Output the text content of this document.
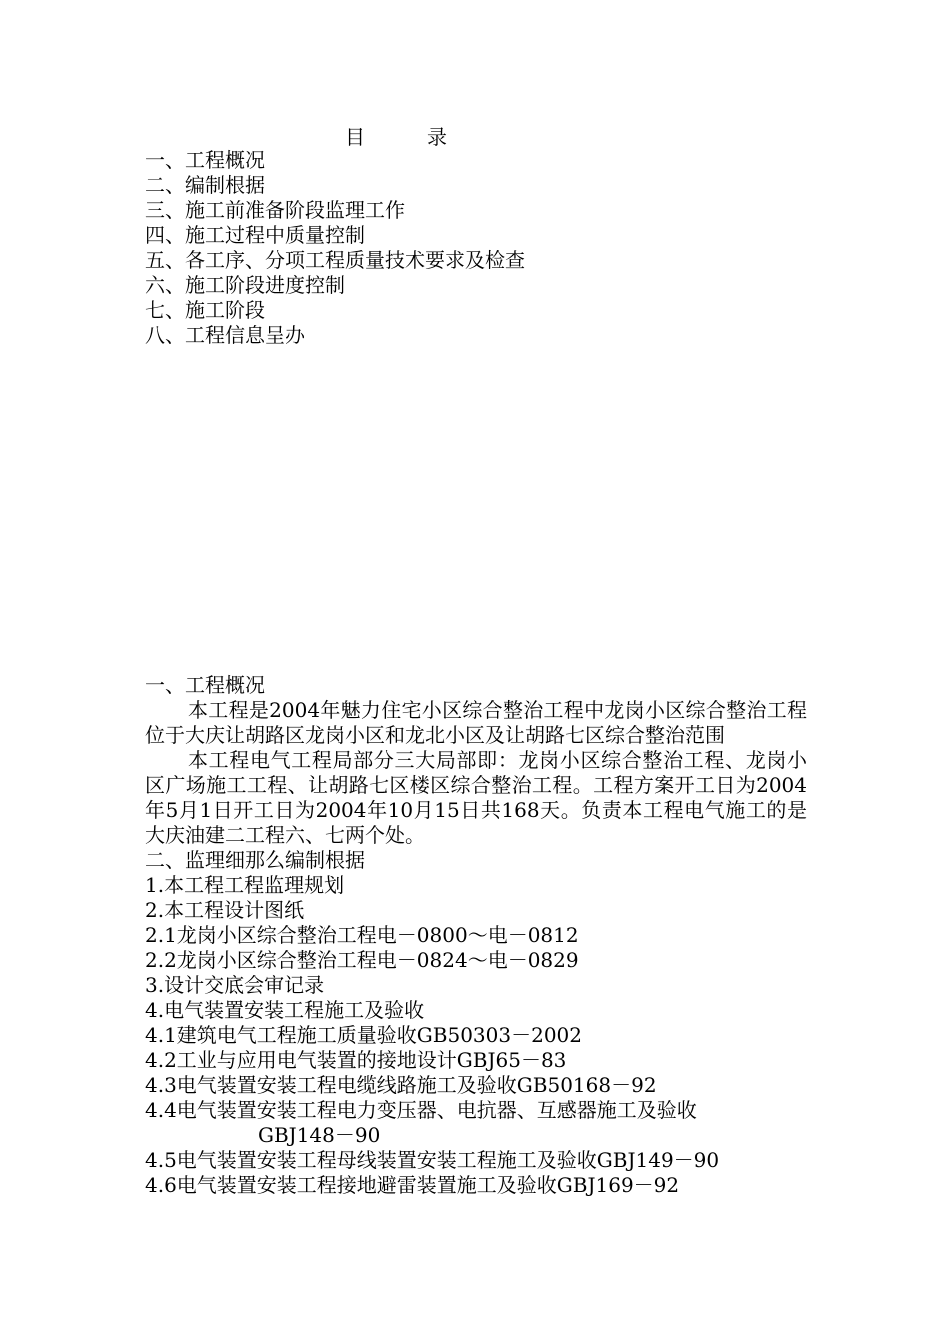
目录
一、工程概况
二、编制根据
三、施工前准备阶段监理工作
四、施工过程中质量控制
五、各工序、分项工程质量技术要求及检查
六、施工阶段进度控制
七、施工阶段
八、工程信息呈办
一、工程概况
本工程是2004年魅力住宅小区综合整治工程中龙岗小区综合整治工程位于大庆让胡路区龙岗小区和龙北小区及让胡路七区综合整治范围
本工程电气工程局部分三大局部即：龙岗小区综合整治工程、龙岗小区广场施工工程、让胡路七区楼区综合整治工程。工程方案开工日为2004年5月1日开工日为2004年10月15日共168天。负责本工程电气施工的是大庆油建二工程六、七两个处。
二、监理细那么编制根据
1.本工程工程监理规划
2.本工程设计图纸
2.1龙岗小区综合整治工程电－0800～电－0812
2.2龙岗小区综合整治工程电－0824～电－0829
3.设计交底会审记录
4.电气装置安装工程施工及验收
4.1建筑电气工程施工质量验收GB50303－2002
4.2工业与应用电气装置的接地设计GBJ65－83
4.3电气装置安装工程电缆线路施工及验收GB50168－92
4.4电气装置安装工程电力变压器、电抗器、互感器施工及验收
GBJ148－90
4.5电气装置安装工程母线装置安装工程施工及验收GBJ149－90
4.6电气装置安装工程接地避雷装置施工及验收GBJ169－92
